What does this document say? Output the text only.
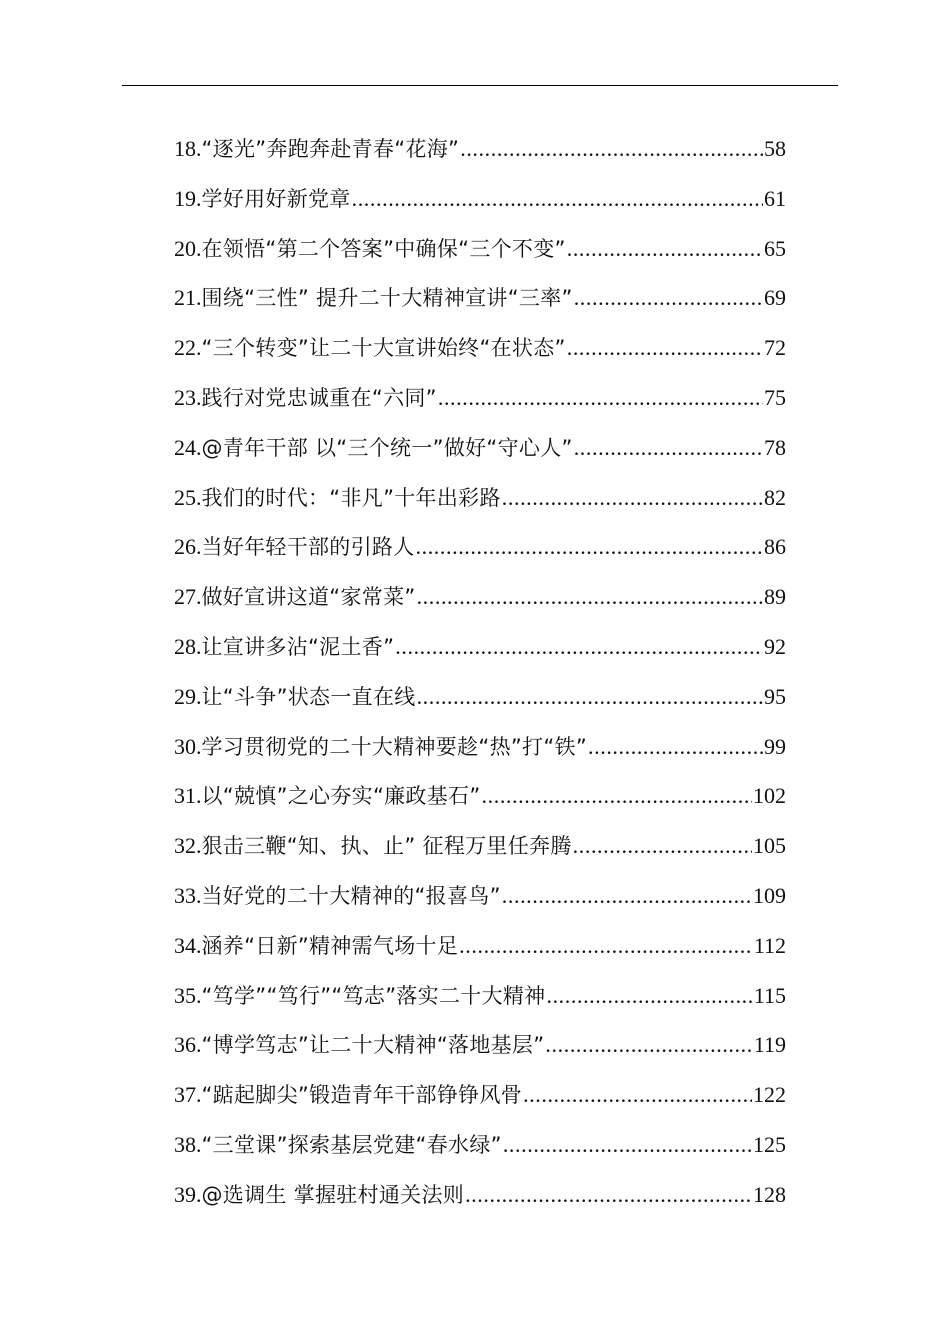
18. “逐光”奔跑奔赴青春“花海” .....	58
19. 学好用好新党章 .....	61
20. 在领悟“第二个答案”中确保“三个不变” .....	65
21. 围绕“三性” 提升二十大精神宣讲“三率” .....	69
22. “三个转变”让二十大宣讲始终“在状态” .....	72
23. 践行对党忠诚重在“六同” .....	75
24. @青年干部 以“三个统一”做好“守心人” .....	78
25. 我们的时代：“非凡”十年出彩路 .....	82
26. 当好年轻干部的引路人 .....	86
27. 做好宣讲这道“家常菜” .....	89
28. 让宣讲多沾“泥土香” .....	92
29. 让“斗争”状态一直在线 .....	95
30. 学习贯彻党的二十大精神要趁“热”打“铁” .....	99
31. 以“兢慎”之心夯实“廉政基石” .....	102
32. 狠击三鞭“知、执、止” 征程万里任奔腾 .....	105
33. 当好党的二十大精神的“报喜鸟” .....	109
34. 涵养“日新”精神需气场十足 .....	112
35. “笃学”“笃行”“笃志”落实二十大精神 .....	115
36. “博学笃志”让二十大精神“落地基层” .....	119
37. “踮起脚尖”锻造青年干部铮铮风骨 .....	122
38. “三堂课”探索基层党建“春水绿” .....	125
39. @选调生 掌握驻村通关法则 .....	128
